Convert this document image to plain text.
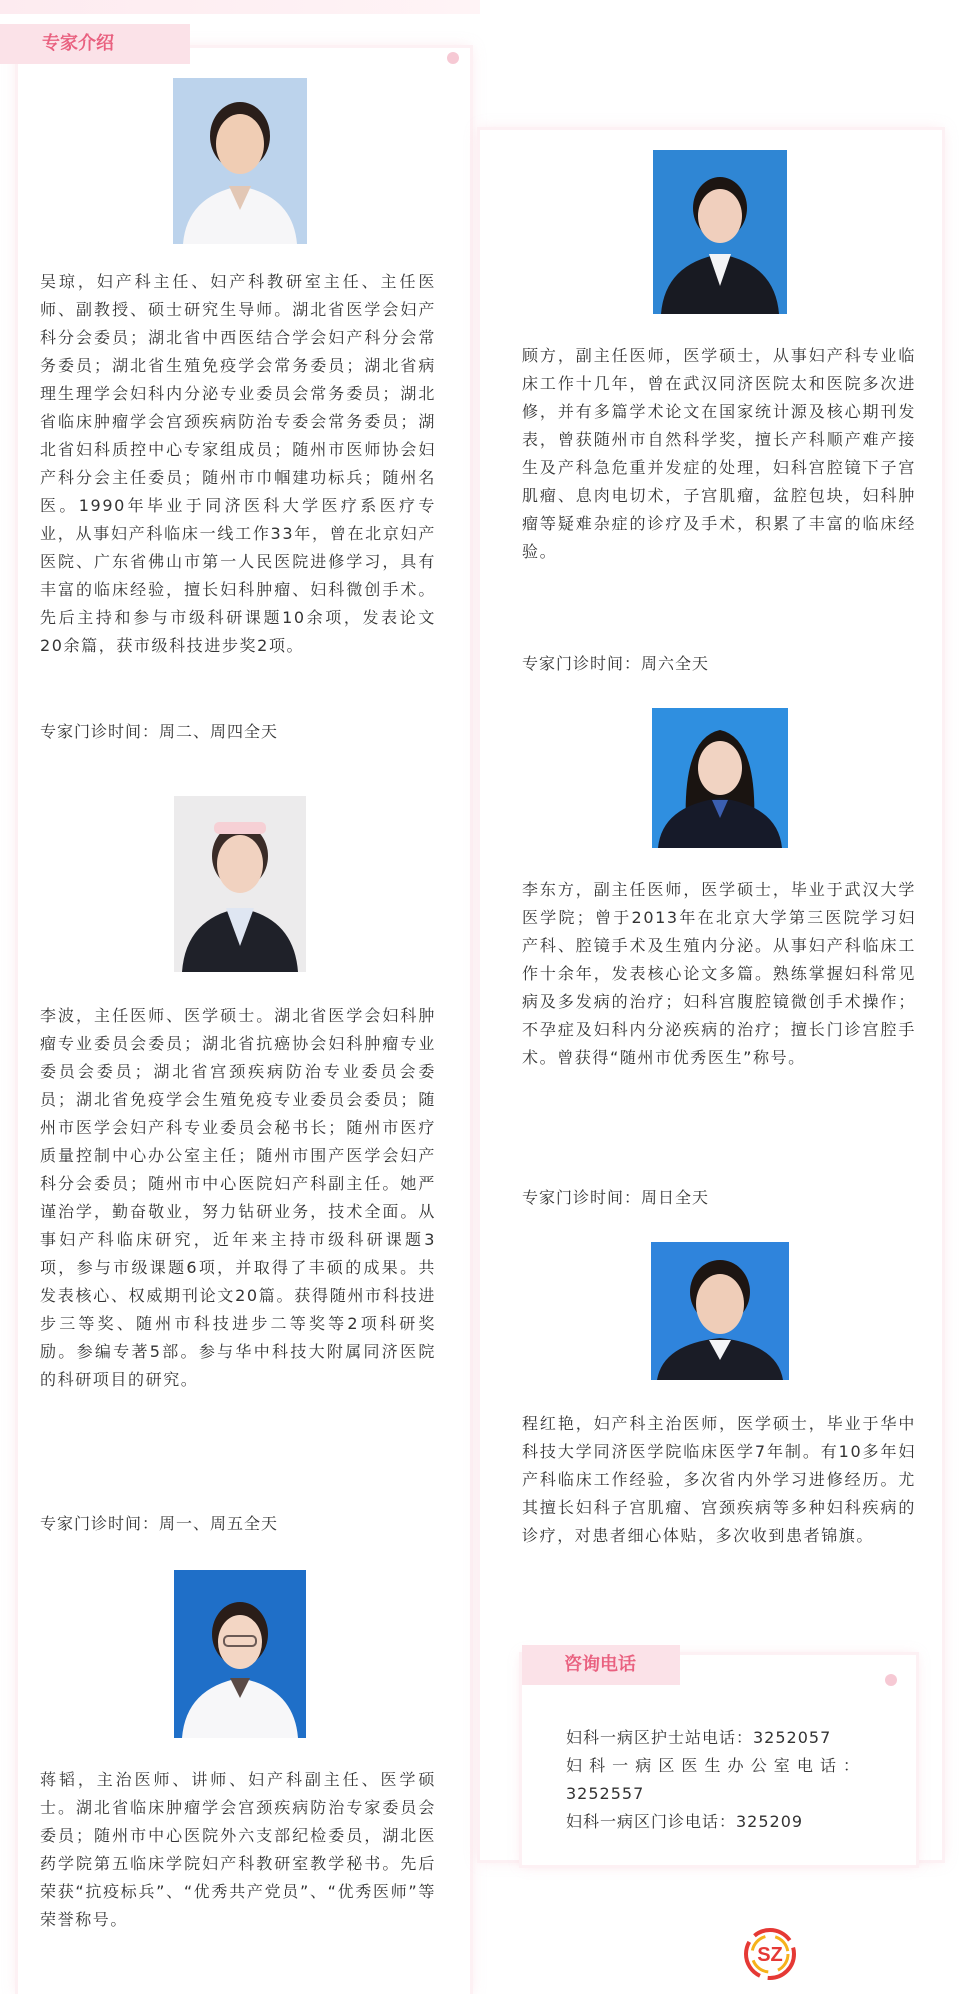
专家介绍

吴琼，妇产科主任、妇产科教研室主任、主任医师、副教授、硕士研究生导师。湖北省医学会妇产科分会委员；湖北省中西医结合学会妇产科分会常务委员；湖北省生殖免疫学会常务委员；湖北省病理生理学会妇科内分泌专业委员会常务委员；湖北省临床肿瘤学会宫颈疾病防治专委会常务委员；湖北省妇科质控中心专家组成员；随州市医师协会妇产科分会主任委员；随州市巾帼建功标兵；随州名医。1990年毕业于同济医科大学医疗系医疗专业，从事妇产科临床一线工作33年，曾在北京妇产医院、广东省佛山市第一人民医院进修学习，具有丰富的临床经验，擅长妇科肿瘤、妇科微创手术。先后主持和参与市级科研课题10余项，发表论文20余篇，获市级科技进步奖2项。

专家门诊时间：周二、周四全天

李波，主任医师、医学硕士。湖北省医学会妇科肿瘤专业委员会委员；湖北省抗癌协会妇科肿瘤专业委员会委员；湖北省宫颈疾病防治专业委员会委员；湖北省免疫学会生殖免疫专业委员会委员；随州市医学会妇产科专业委员会秘书长；随州市医疗质量控制中心办公室主任；随州市围产医学会妇产科分会委员；随州市中心医院妇产科副主任。她严谨治学，勤奋敬业，努力钻研业务，技术全面。从事妇产科临床研究，近年来主持市级科研课题3项，参与市级课题6项，并取得了丰硕的成果。共发表核心、权威期刊论文20篇。获得随州市科技进步三等奖、随州市科技进步二等奖等2项科研奖励。参编专著5部。参与华中科技大附属同济医院的科研项目的研究。

专家门诊时间：周一、周五全天

蒋韬，主治医师、讲师、妇产科副主任、医学硕士。湖北省临床肿瘤学会宫颈疾病防治专家委员会委员；随州市中心医院外六支部纪检委员，湖北医药学院第五临床学院妇产科教研室教学秘书。先后荣获“抗疫标兵”、“优秀共产党员”、“优秀医师”等荣誉称号。

顾方，副主任医师，医学硕士，从事妇产科专业临床工作十几年，曾在武汉同济医院太和医院多次进修，并有多篇学术论文在国家统计源及核心期刊发表，曾获随州市自然科学奖，擅长产科顺产难产接生及产科急危重并发症的处理，妇科宫腔镜下子宫肌瘤、息肉电切术，子宫肌瘤，盆腔包块，妇科肿瘤等疑难杂症的诊疗及手术，积累了丰富的临床经验。

专家门诊时间：周六全天

李东方，副主任医师，医学硕士，毕业于武汉大学医学院；曾于2013年在北京大学第三医院学习妇产科、腔镜手术及生殖内分泌。从事妇产科临床工作十余年，发表核心论文多篇。熟练掌握妇科常见病及多发病的治疗；妇科宫腹腔镜微创手术操作；不孕症及妇科内分泌疾病的治疗；擅长门诊宫腔手术。曾获得“随州市优秀医生”称号。

专家门诊时间：周日全天

程红艳，妇产科主治医师，医学硕士，毕业于华中科技大学同济医学院临床医学7年制。有10多年妇产科临床工作经验，多次省内外学习进修经历。尤其擅长妇科子宫肌瘤、宫颈疾病等多种妇科疾病的诊疗，对患者细心体贴，多次收到患者锦旗。

咨询电话

妇科一病区护士站电话：3252057

妇 科 一 病 区 医 生 办 公 室 电 话 ：

3252557

妇科一病区门诊电话：325209

SZ
